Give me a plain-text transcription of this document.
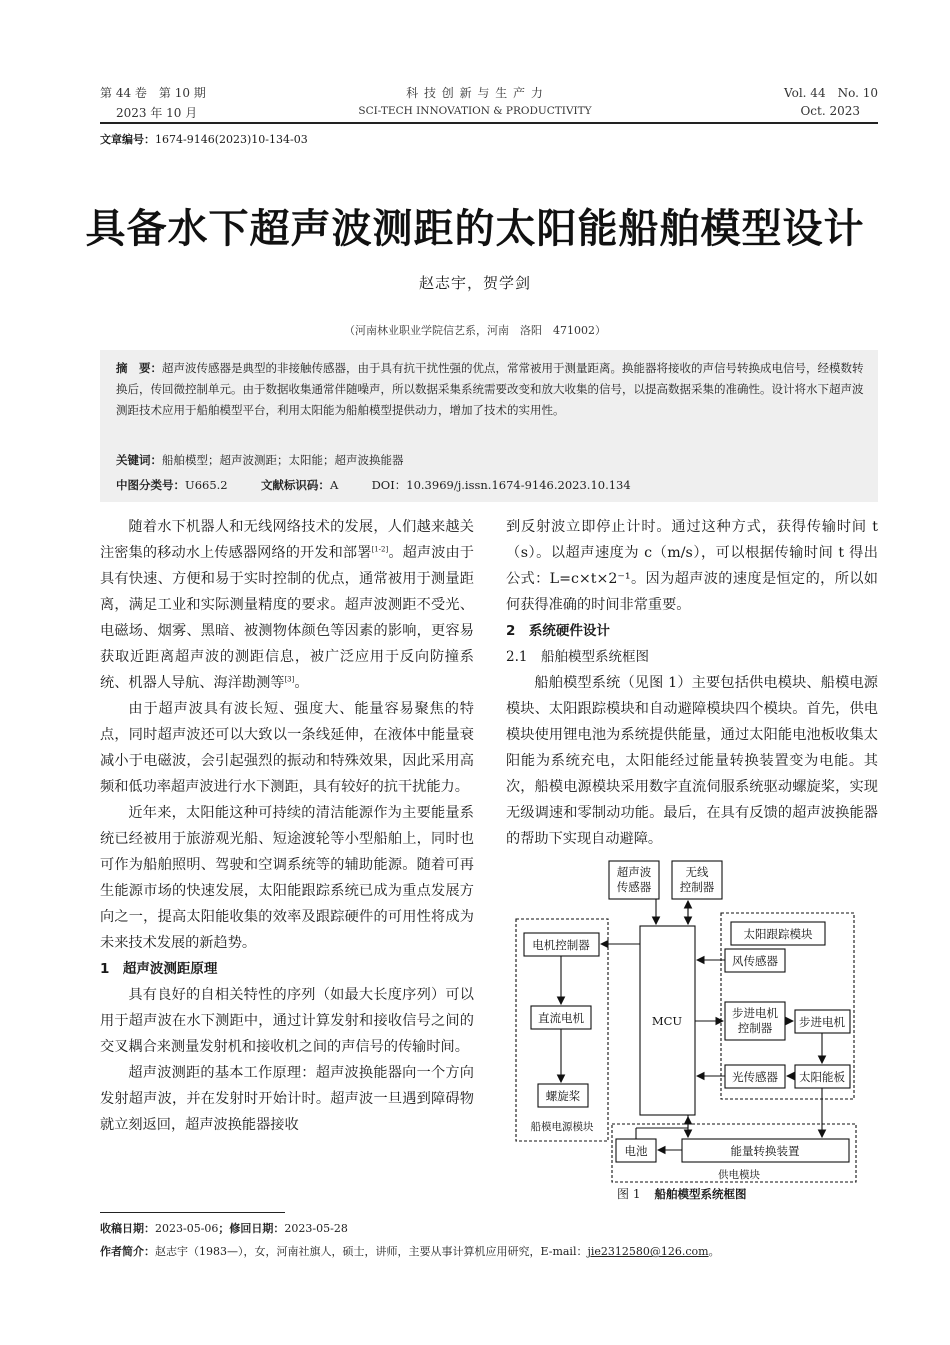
第 44 卷　第 10 期
2023 年 10 月
科 技 创 新 与 生 产 力
SCI-TECH INNOVATION & PRODUCTIVITY
Vol. 44　No. 10
Oct. 2023
文章编号：1674-9146(2023)10-134-03
具备水下超声波测距的太阳能船舶模型设计
赵志宇，贺学剑
（河南林业职业学院信艺系，河南　洛阳　471002）
摘　要：超声波传感器是典型的非接触传感器，由于具有抗干扰性强的优点，常常被用于测量距离。换能器将接收的声信号转换成电信号，经模数转换后，传回微控制单元。由于数据收集通常伴随噪声，所以数据采集系统需要改变和放大收集的信号，以提高数据采集的准确性。设计将水下超声波测距技术应用于船舶模型平台，利用太阳能为船舶模型提供动力，增加了技术的实用性。
关键词：船舶模型；超声波测距；太阳能；超声波换能器
中图分类号：U665.2	文献标识码：A	DOI：10.3969/j.issn.1674-9146.2023.10.134

随着水下机器人和无线网络技术的发展，人们越来越关注密集的移动水上传感器网络的开发和部署[1-2]。超声波由于具有快速、方便和易于实时控制的优点，通常被用于测量距离，满足工业和实际测量精度的要求。超声波测距不受光、电磁场、烟雾、黑暗、被测物体颜色等因素的影响，更容易获取近距离超声波的测距信息，被广泛应用于反向防撞系统、机器人导航、海洋勘测等[3]。

由于超声波具有波长短、强度大、能量容易聚焦的特点，同时超声波还可以大致以一条线延伸，在液体中能量衰减小于电磁波，会引起强烈的振动和特殊效果，因此采用高频和低功率超声波进行水下测距，具有较好的抗干扰能力。

近年来，太阳能这种可持续的清洁能源作为主要能量系统已经被用于旅游观光船、短途渡轮等小型船舶上，同时也可作为船舶照明、驾驶和空调系统等的辅助能源。随着可再生能源市场的快速发展，太阳能跟踪系统已成为重点发展方向之一，提高太阳能收集的效率及跟踪硬件的可用性将成为未来技术发展的新趋势。

1　超声波测距原理

具有良好的自相关特性的序列（如最大长度序列）可以用于超声波在水下测距中，通过计算发射和接收信号之间的交叉耦合来测量发射机和接收机之间的声信号的传输时间。

超声波测距的基本工作原理：超声波换能器向一个方向发射超声波，并在发射时开始计时。超声波一旦遇到障碍物就立刻返回，超声波换能器接收

到反射波立即停止计时。通过这种方式，获得传输时间 t（s）。以超声速度为 c（m/s），可以根据传输时间 t 得出公式：L=c×t×2⁻¹。因为超声波的速度是恒定的，所以如何获得准确的时间非常重要。

2　系统硬件设计

2.1　船舶模型系统框图

船舶模型系统（见图 1）主要包括供电模块、船模电源模块、太阳跟踪模块和自动避障模块四个模块。首先，供电模块使用锂电池为系统提供能量，通过太阳能电池板收集太阳能为系统充电，太阳能经过能量转换装置变为电能。其次，船模电源模块采用数字直流伺服系统驱动螺旋桨，实现无级调速和零制动功能。最后，在具有反馈的超声波换能器的帮助下实现自动避障。

超声波
传感器
无线
控制器
太阳跟踪模块
电机控制器
风传感器
MCU
直流电机	步进电机
控制器 步进电机
光传感器 太阳能板
螺旋桨
船模电源模块
电池	能量转换装置
供电模块
图 1 船舶模型系统框图
收稿日期：2023-05-06；修回日期：2023-05-28
作者简介：赵志宇（1983—），女，河南社旗人，硕士，讲师，主要从事计算机应用研究，E-mail：jie2312580@126.com。
